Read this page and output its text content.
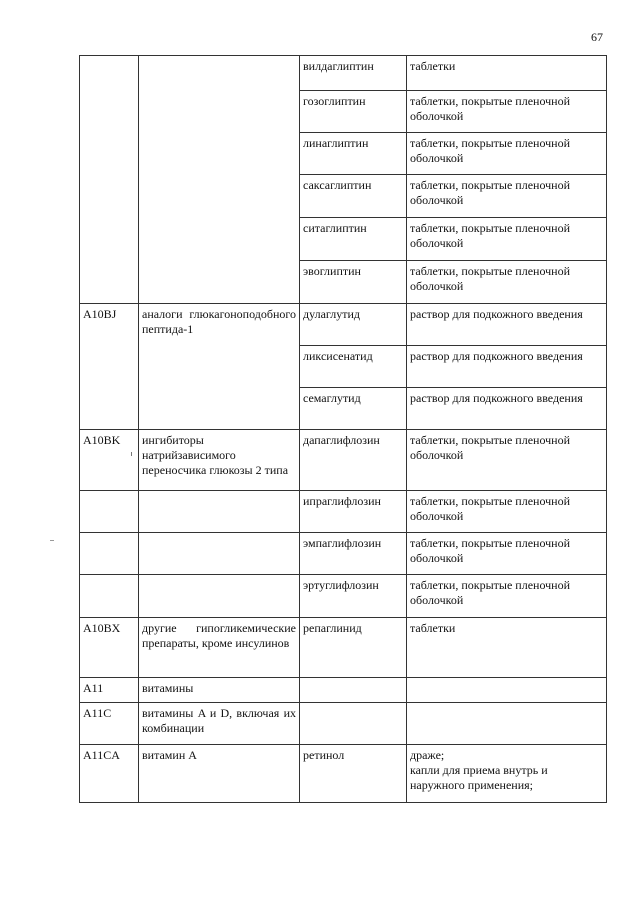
67
		вилдаглиптин	таблетки
		гозоглиптин	таблетки, покрытые пленочной
оболочкой
		линаглиптин	таблетки, покрытые пленочной
оболочкой
		саксаглиптин	таблетки, покрытые пленочной
оболочкой
		ситаглиптин	таблетки, покрытые пленочной
оболочкой
		эвоглиптин	таблетки, покрытые пленочной
оболочкой
A10BJ	аналоги глюкагоноподобного пептида-1	дулаглутид	раствор для подкожного введения
		ликсисенатид	раствор для подкожного введения
		семаглутид	раствор для подкожного введения
A10BK	ингибиторы натрийзависимого переносчика глюкозы 2 типа	дапаглифлозин	таблетки, покрытые пленочной
оболочкой
		ипраглифлозин	таблетки, покрытые пленочной
оболочкой
		эмпаглифлозин	таблетки, покрытые пленочной
оболочкой
		эртуглифлозин	таблетки, покрытые пленочной
оболочкой
A10BX	другие гипогликемические препараты, кроме инсулинов	репаглинид	таблетки
A11	витамины		
A11C	витамины A и D, включая их комбинации		
A11CA	витамин A	ретинол	драже;
капли для приема внутрь и
наружного применения;
